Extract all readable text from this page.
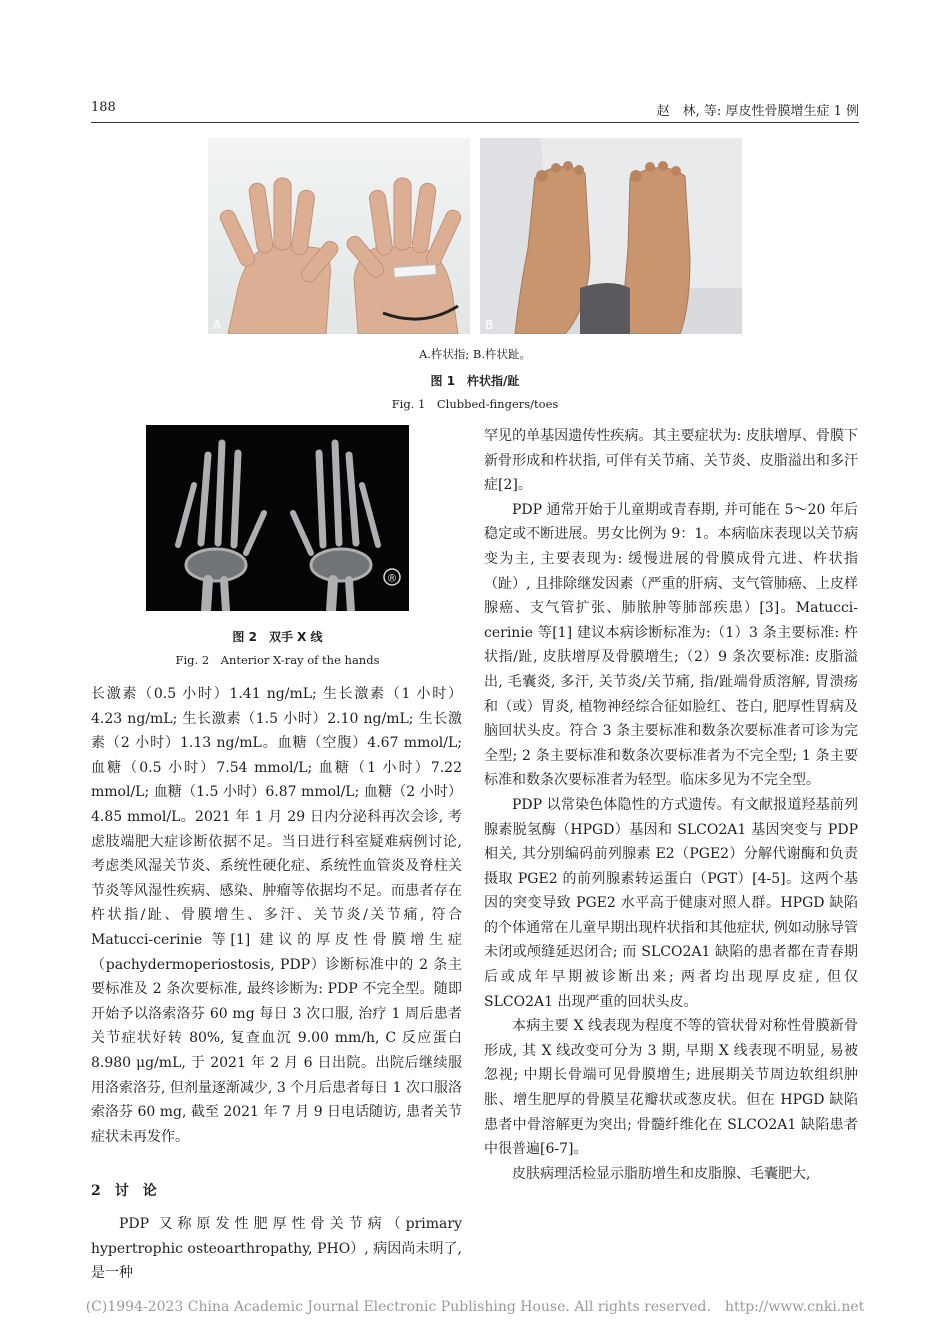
188	赵　林, 等: 厚皮性骨膜增生症 1 例
A	B
A.杵状指; B.杵状趾。
图 1　杵状指/趾
Fig. 1　Clubbed-fingers/toes
®
图 2　双手 X 线
Fig. 2　Anterior X-ray of the hands

长激素（0.5 小时）1.41 ng/mL; 生长激素（1 小时）4.23 ng/mL; 生长激素（1.5 小时）2.10 ng/mL; 生长激素（2 小时）1.13 ng/mL。血糖（空腹）4.67 mmol/L; 血糖（0.5 小时）7.54 mmol/L; 血糖（1 小时）7.22 mmol/L; 血糖（1.5 小时）6.87 mmol/L; 血糖（2 小时）4.85 mmol/L。2021 年 1 月 29 日内分泌科再次会诊, 考虑肢端肥大症诊断依据不足。当日进行科室疑难病例讨论, 考虑类风湿关节炎、系统性硬化症、系统性血管炎及脊柱关节炎等风湿性疾病、感染、肿瘤等依据均不足。而患者存在杵状指/趾、骨膜增生、多汗、关节炎/关节痛, 符合 Matucci-cerinie 等[1] 建议的厚皮性骨膜增生症（pachydermoperiostosis, PDP）诊断标准中的 2 条主要标准及 2 条次要标准, 最终诊断为: PDP 不完全型。随即开始予以洛索洛芬 60 mg 每日 3 次口服, 治疗 1 周后患者关节症状好转 80%, 复查血沉 9.00 mm/h, C 反应蛋白 8.980 μg/mL, 于 2021 年 2 月 6 日出院。出院后继续服用洛索洛芬, 但剂量逐渐减少, 3 个月后患者每日 1 次口服洛索洛芬 60 mg, 截至 2021 年 7 月 9 日电话随访, 患者关节症状未再发作。

2　讨　论

PDP 又称原发性肥厚性骨关节病（primary hypertrophic osteoarthropathy, PHO）, 病因尚未明了, 是一种

罕见的单基因遗传性疾病。其主要症状为: 皮肤增厚、骨膜下新骨形成和杵状指, 可伴有关节痛、关节炎、皮脂溢出和多汗症[2]。

PDP 通常开始于儿童期或青春期, 并可能在 5～20 年后稳定或不断进展。男女比例为 9：1。本病临床表现以关节病变为主, 主要表现为: 缓慢进展的骨膜成骨亢进、杵状指（趾）, 且排除继发因素（严重的肝病、支气管肺癌、上皮样腺癌、支气管扩张、肺脓肿等肺部疾患）[3]。Matucci-cerinie 等[1] 建议本病诊断标准为:（1）3 条主要标准: 杵状指/趾, 皮肤增厚及骨膜增生;（2）9 条次要标准: 皮脂溢出, 毛囊炎, 多汗, 关节炎/关节痛, 指/趾端骨质溶解, 胃溃疡和（或）胃炎, 植物神经综合征如脸红、苍白, 肥厚性胃病及脑回状头皮。符合 3 条主要标准和数条次要标准者可诊为完全型; 2 条主要标准和数条次要标准者为不完全型; 1 条主要标准和数条次要标准者为轻型。临床多见为不完全型。

PDP 以常染色体隐性的方式遗传。有文献报道羟基前列腺素脱氢酶（HPGD）基因和 SLCO2A1 基因突变与 PDP 相关, 其分别编码前列腺素 E2（PGE2）分解代谢酶和负责摄取 PGE2 的前列腺素转运蛋白（PGT）[4-5]。这两个基因的突变导致 PGE2 水平高于健康对照人群。HPGD 缺陷的个体通常在儿童早期出现杵状指和其他症状, 例如动脉导管未闭或颅缝延迟闭合; 而 SLCO2A1 缺陷的患者都在青春期后或成年早期被诊断出来; 两者均出现厚皮症, 但仅 SLCO2A1 出现严重的回状头皮。

本病主要 X 线表现为程度不等的管状骨对称性骨膜新骨形成, 其 X 线改变可分为 3 期, 早期 X 线表现不明显, 易被忽视; 中期长骨端可见骨膜增生; 进展期关节周边软组织肿胀、增生肥厚的骨膜呈花瓣状或葱皮状。但在 HPGD 缺陷患者中骨溶解更为突出; 骨髓纤维化在 SLCO2A1 缺陷患者中很普遍[6-7]。

皮肤病理活检显示脂肪增生和皮脂腺、毛囊肥大,

(C)1994-2023 China Academic Journal Electronic Publishing House. All rights reserved.　http://www.cnki.net
